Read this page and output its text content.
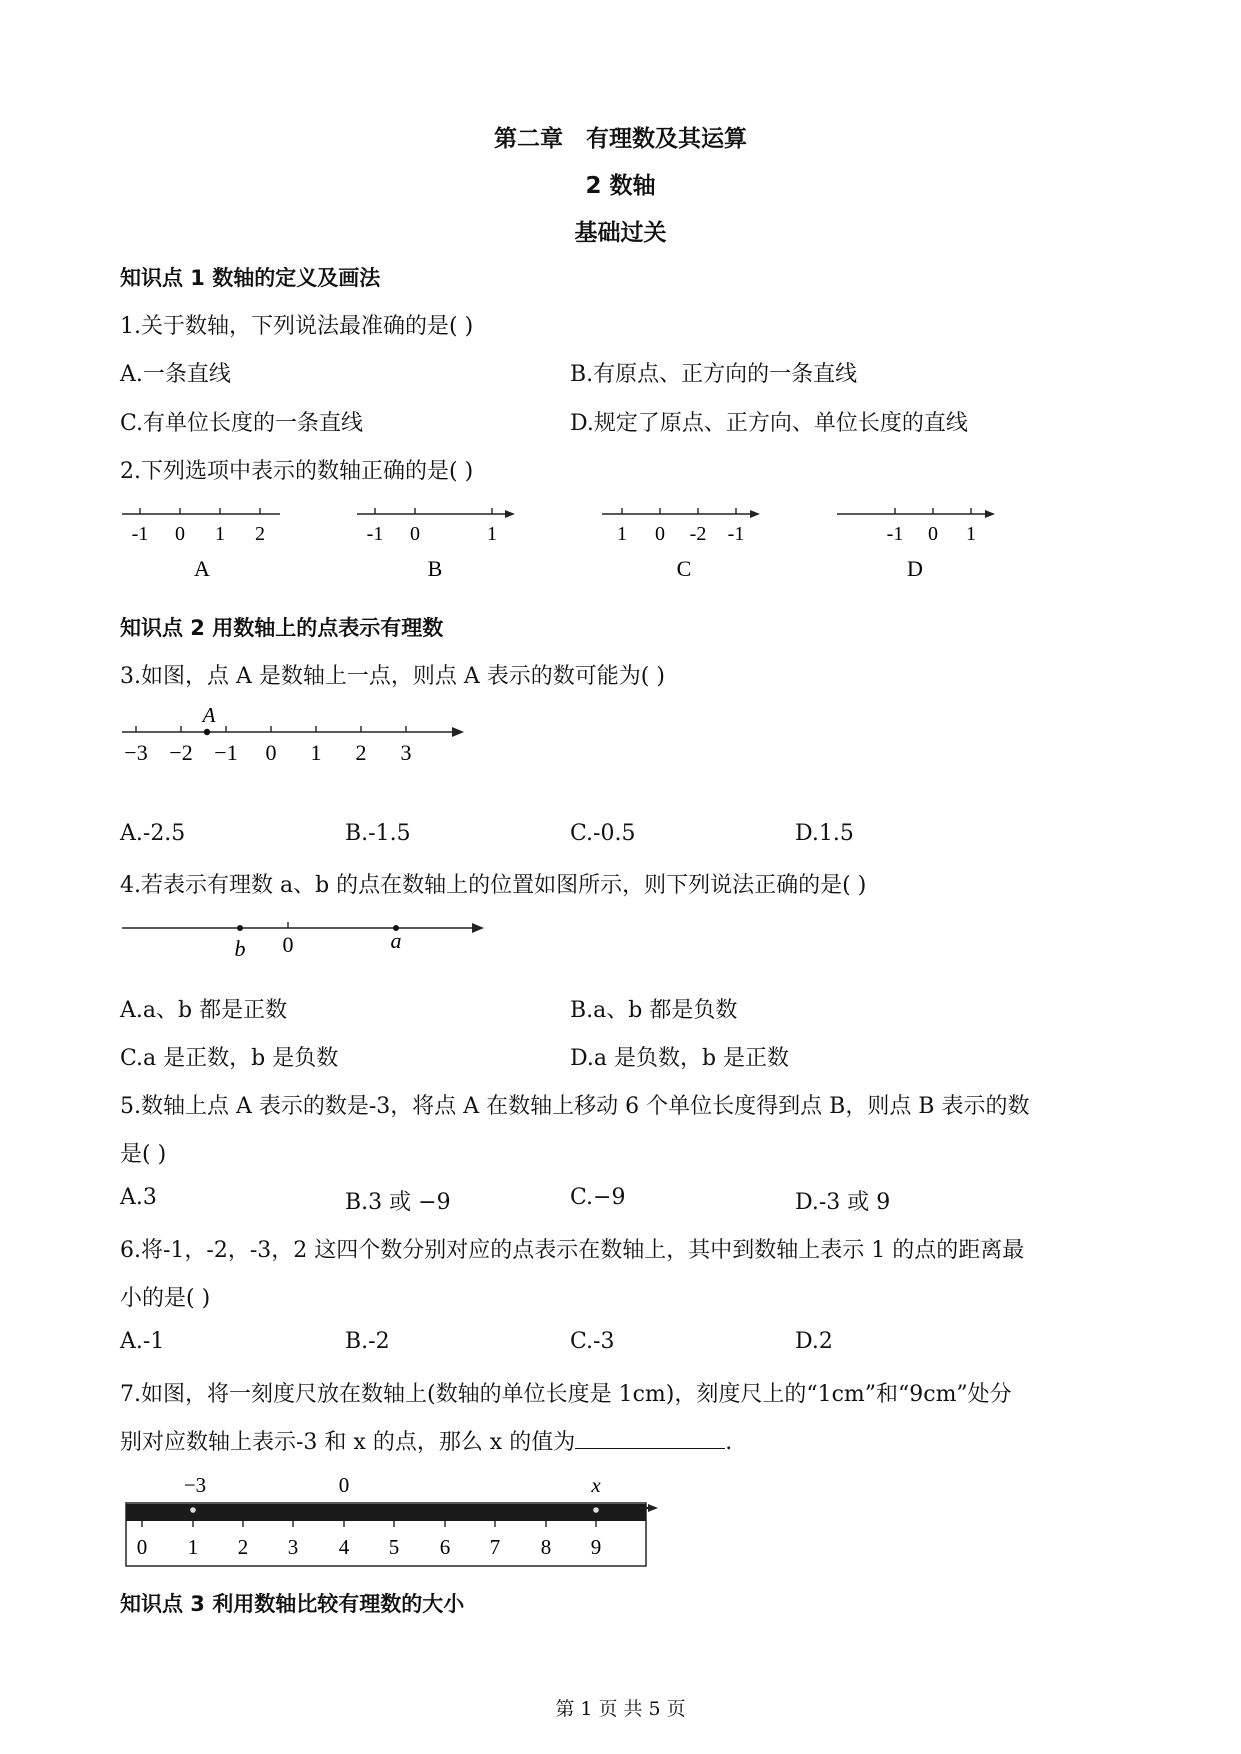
第二章　有理数及其运算
2 数轴
基础过关
知识点 1 数轴的定义及画法
1.关于数轴，下列说法最准确的是( )
A.一条直线	B.有原点、正方向的一条直线
C.有单位长度的一条直线	D.规定了原点、正方向、单位长度的直线
2.下列选项中表示的数轴正确的是( )
-1 0 1 2
A
-1 0	1
B
1 0 -2 -1
C
-1 0 1
D
知识点 2 用数轴上的点表示有理数
3.如图，点 A 是数轴上一点，则点 A 表示的数可能为( )
A
−3 −2 −1 0 1 2 3
A.-2.5	B.-1.5	C.-0.5	D.1.5
4.若表示有理数 a、b 的点在数轴上的位置如图所示，则下列说法正确的是( )
b 0	a
A.a、b 都是正数	B.a、b 都是负数
C.a 是正数，b 是负数	D.a 是负数，b 是正数
5.数轴上点 A 表示的数是-3，将点 A 在数轴上移动 6 个单位长度得到点 B，则点 B 表示的数
是( )
A.3	B.3 或 −9	C.−9	D.-3 或 9
6.将-1，-2，-3，2 这四个数分别对应的点表示在数轴上，其中到数轴上表示 1 的点的距离最
小的是( )
A.-1	B.-2	C.-3	D.2
7.如图，将一刻度尺放在数轴上(数轴的单位长度是 1cm)，刻度尺上的“1cm”和“9cm”处分
别对应数轴上表示-3 和 x 的点，那么 x 的值为	.
−3	0	x
0 1 2 3 4 5 6 7 8 9
知识点 3 利用数轴比较有理数的大小
第 1 页 共 5 页
